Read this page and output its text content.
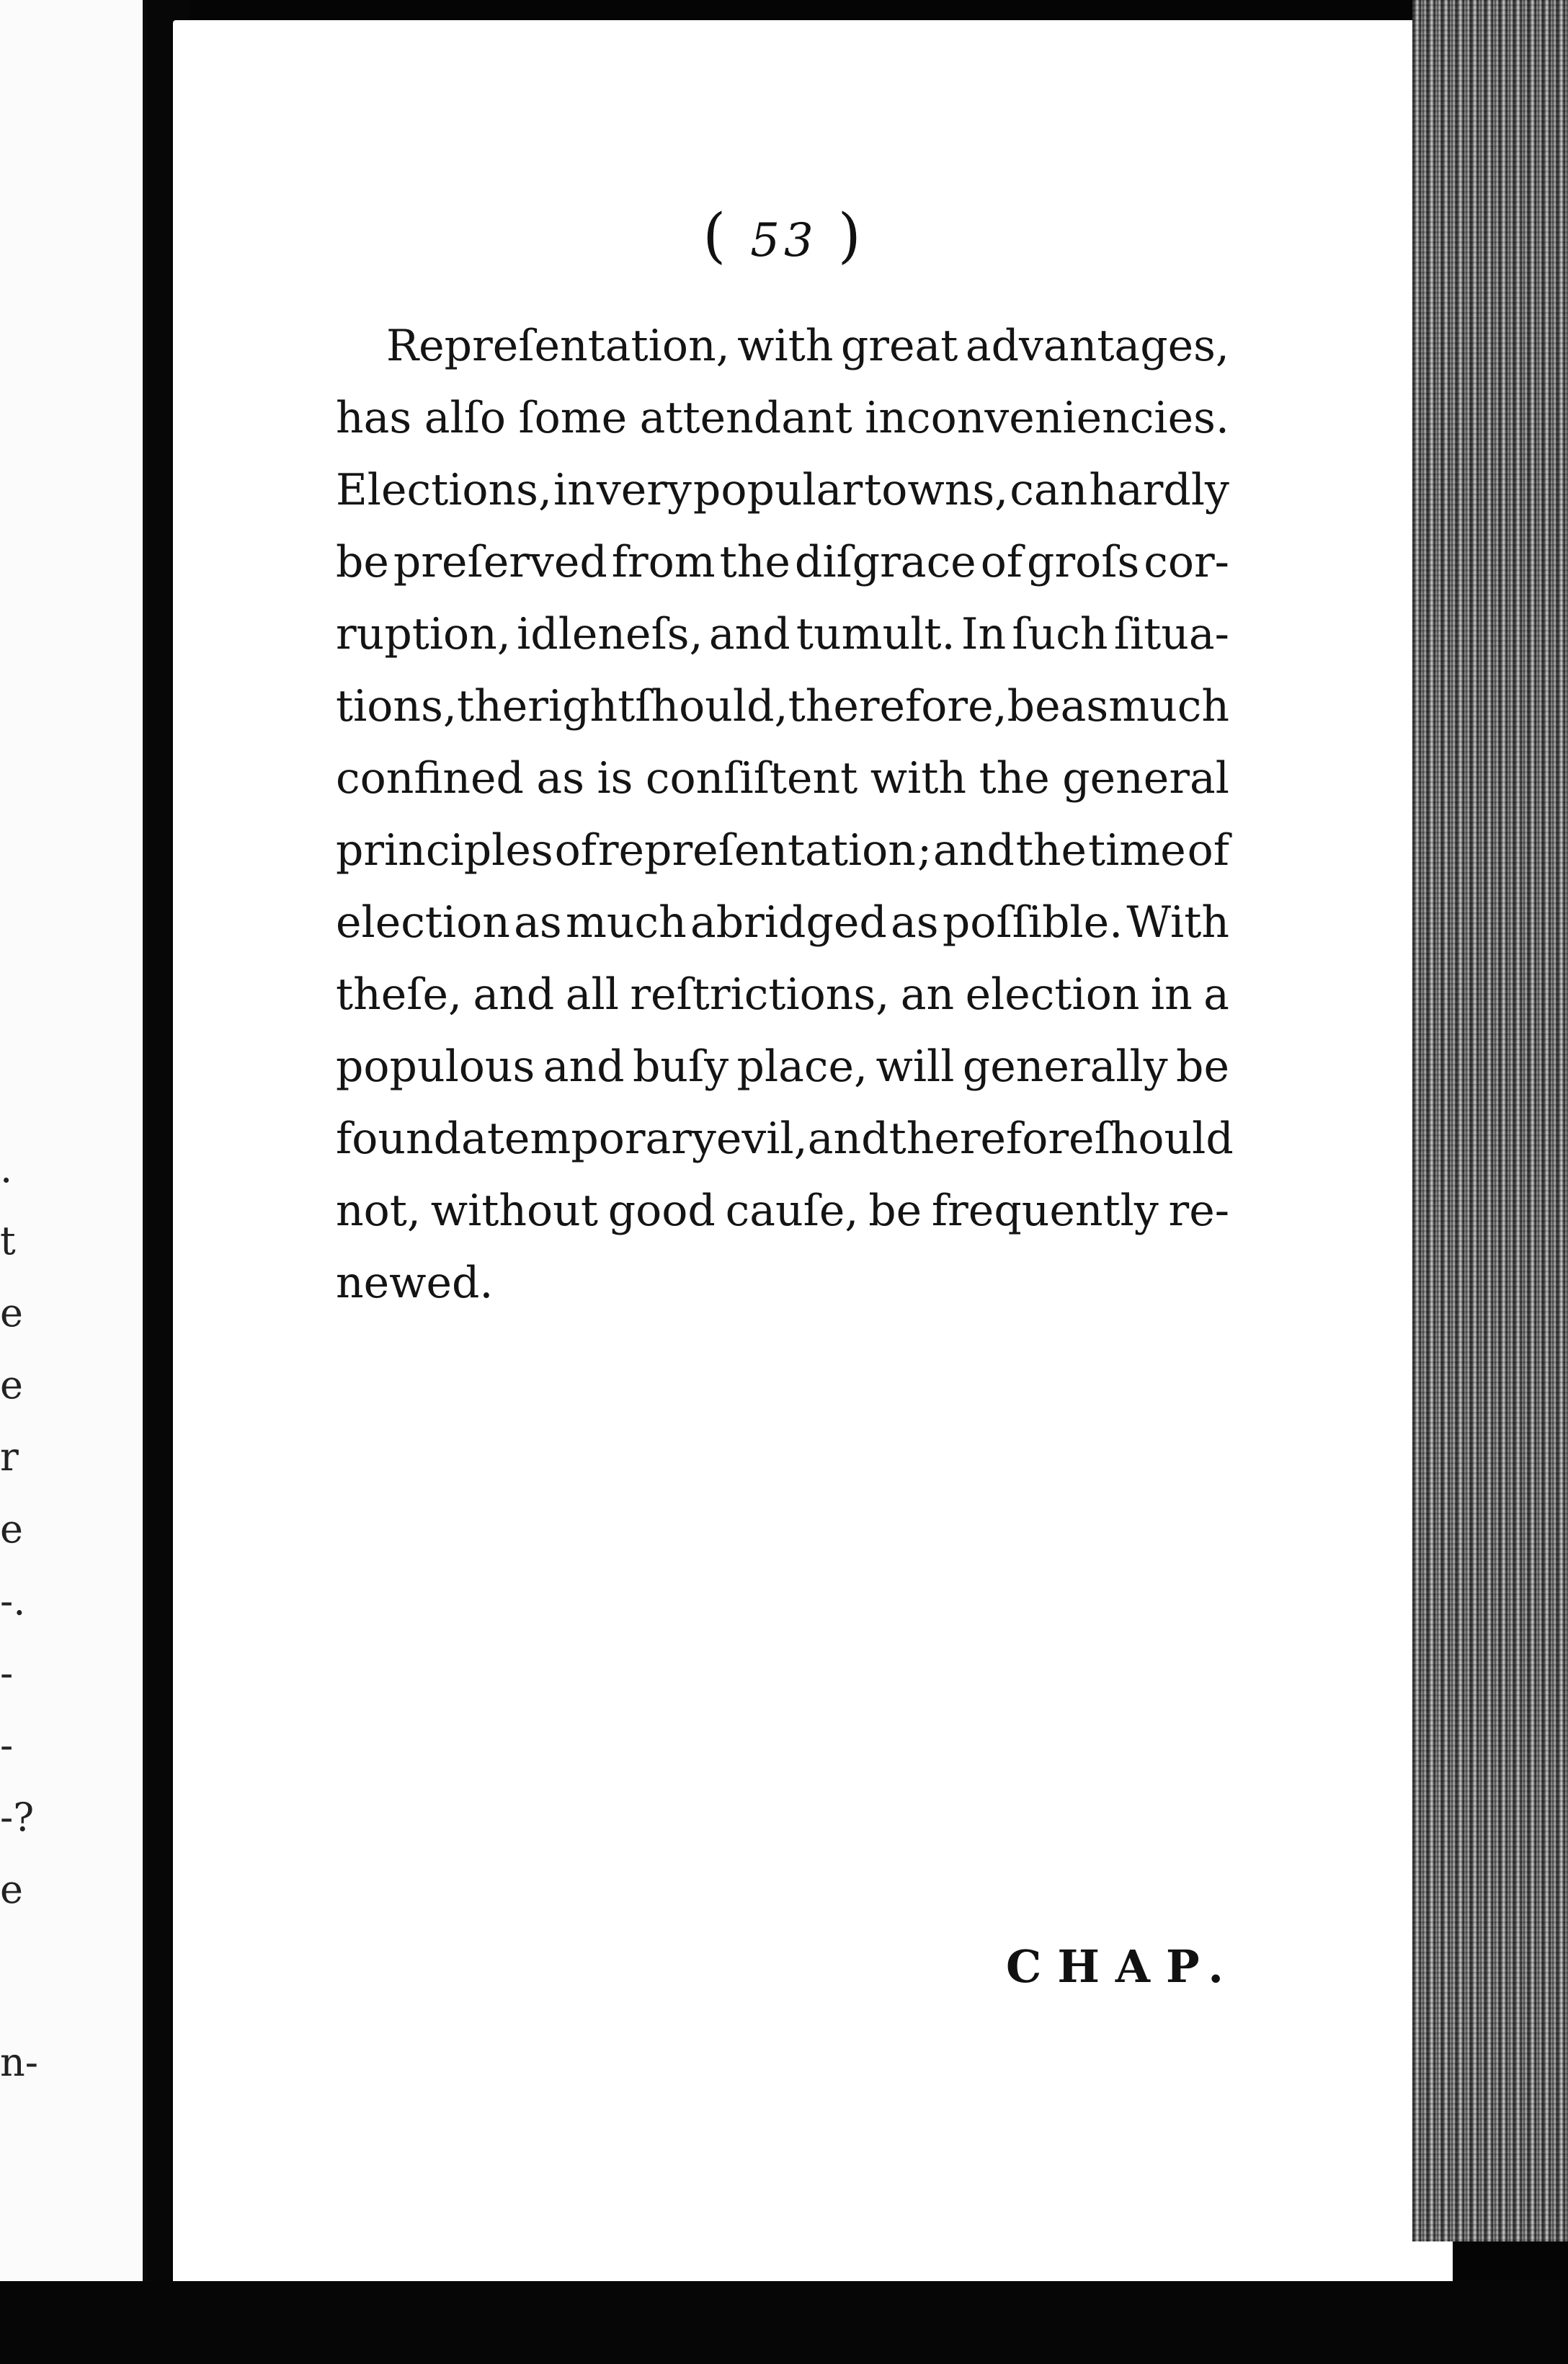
.
t
e
e
r
e
-.
-
-
-?
e
n-
( 53 )
Repreſentation, with great advantages,
has alſo ſome attendant inconveniencies.
Elections, in very popular towns, can hardly
be preſerved from the diſgrace of groſs cor-
ruption, idleneſs, and tumult. In ſuch ſitua-
tions, the right ſhould, therefore, be as much
confined as is conſiſtent with the general
principles of repreſentation ; and the time of
election as much abridged as poſſible. With
theſe, and all reſtrictions, an election in a
populous and buſy place, will generally be
found a temporary evil, and therefore ſhould
not, without good cauſe, be frequently re-
newed.
CHAP.
